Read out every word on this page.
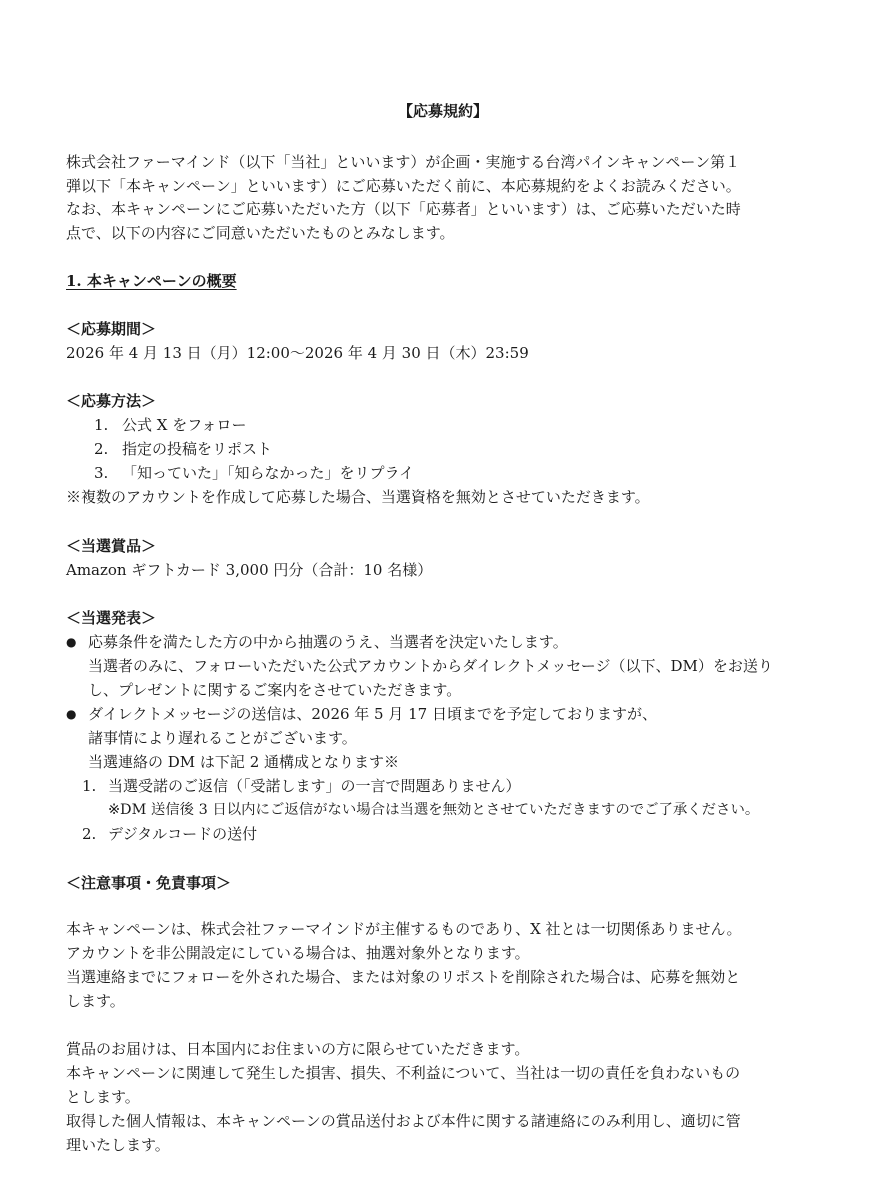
【応募規約】

株式会社ファーマインド（以下「当社」といいます）が企画・実施する台湾パインキャンペーン第１

弾以下「本キャンペーン」といいます）にご応募いただく前に、本応募規約をよくお読みください。

なお、本キャンペーンにご応募いただいた方（以下「応募者」といいます）は、ご応募いただいた時

点で、以下の内容にご同意いただいたものとみなします。

1. 本キャンペーンの概要

＜応募期間＞

2026 年 4 月 13 日（月）12:00～2026 年 4 月 30 日（木）23:59

＜応募方法＞

1. 公式 X をフォロー
2. 指定の投稿をリポスト
3. 「知っていた」「知らなかった」をリプライ

※複数のアカウントを作成して応募した場合、当選資格を無効とさせていただきます。

＜当選賞品＞

Amazon ギフトカード 3,000 円分（合計：10 名様）

＜当選発表＞

● 応募条件を満たした方の中から抽選のうえ、当選者を決定いたします。

当選者のみに、フォローいただいた公式アカウントからダイレクトメッセージ（以下、DM）をお送り

し、プレゼントに関するご案内をさせていただきます。

● ダイレクトメッセージの送信は、2026 年 5 月 17 日頃までを予定しておりますが、

諸事情により遅れることがございます。

当選連絡の DM は下記 2 通構成となります※

1. 当選受諾のご返信（「受諾します」の一言で問題ありません）

※DM 送信後 3 日以内にご返信がない場合は当選を無効とさせていただきますのでご了承ください。

2. デジタルコードの送付

＜注意事項・免責事項＞

本キャンペーンは、株式会社ファーマインドが主催するものであり、X 社とは一切関係ありません。

アカウントを非公開設定にしている場合は、抽選対象外となります。

当選連絡までにフォローを外された場合、または対象のリポストを削除された場合は、応募を無効と

します。

賞品のお届けは、日本国内にお住まいの方に限らせていただきます。

本キャンペーンに関連して発生した損害、損失、不利益について、当社は一切の責任を負わないもの

とします。

取得した個人情報は、本キャンペーンの賞品送付および本件に関する諸連絡にのみ利用し、適切に管

理いたします。
